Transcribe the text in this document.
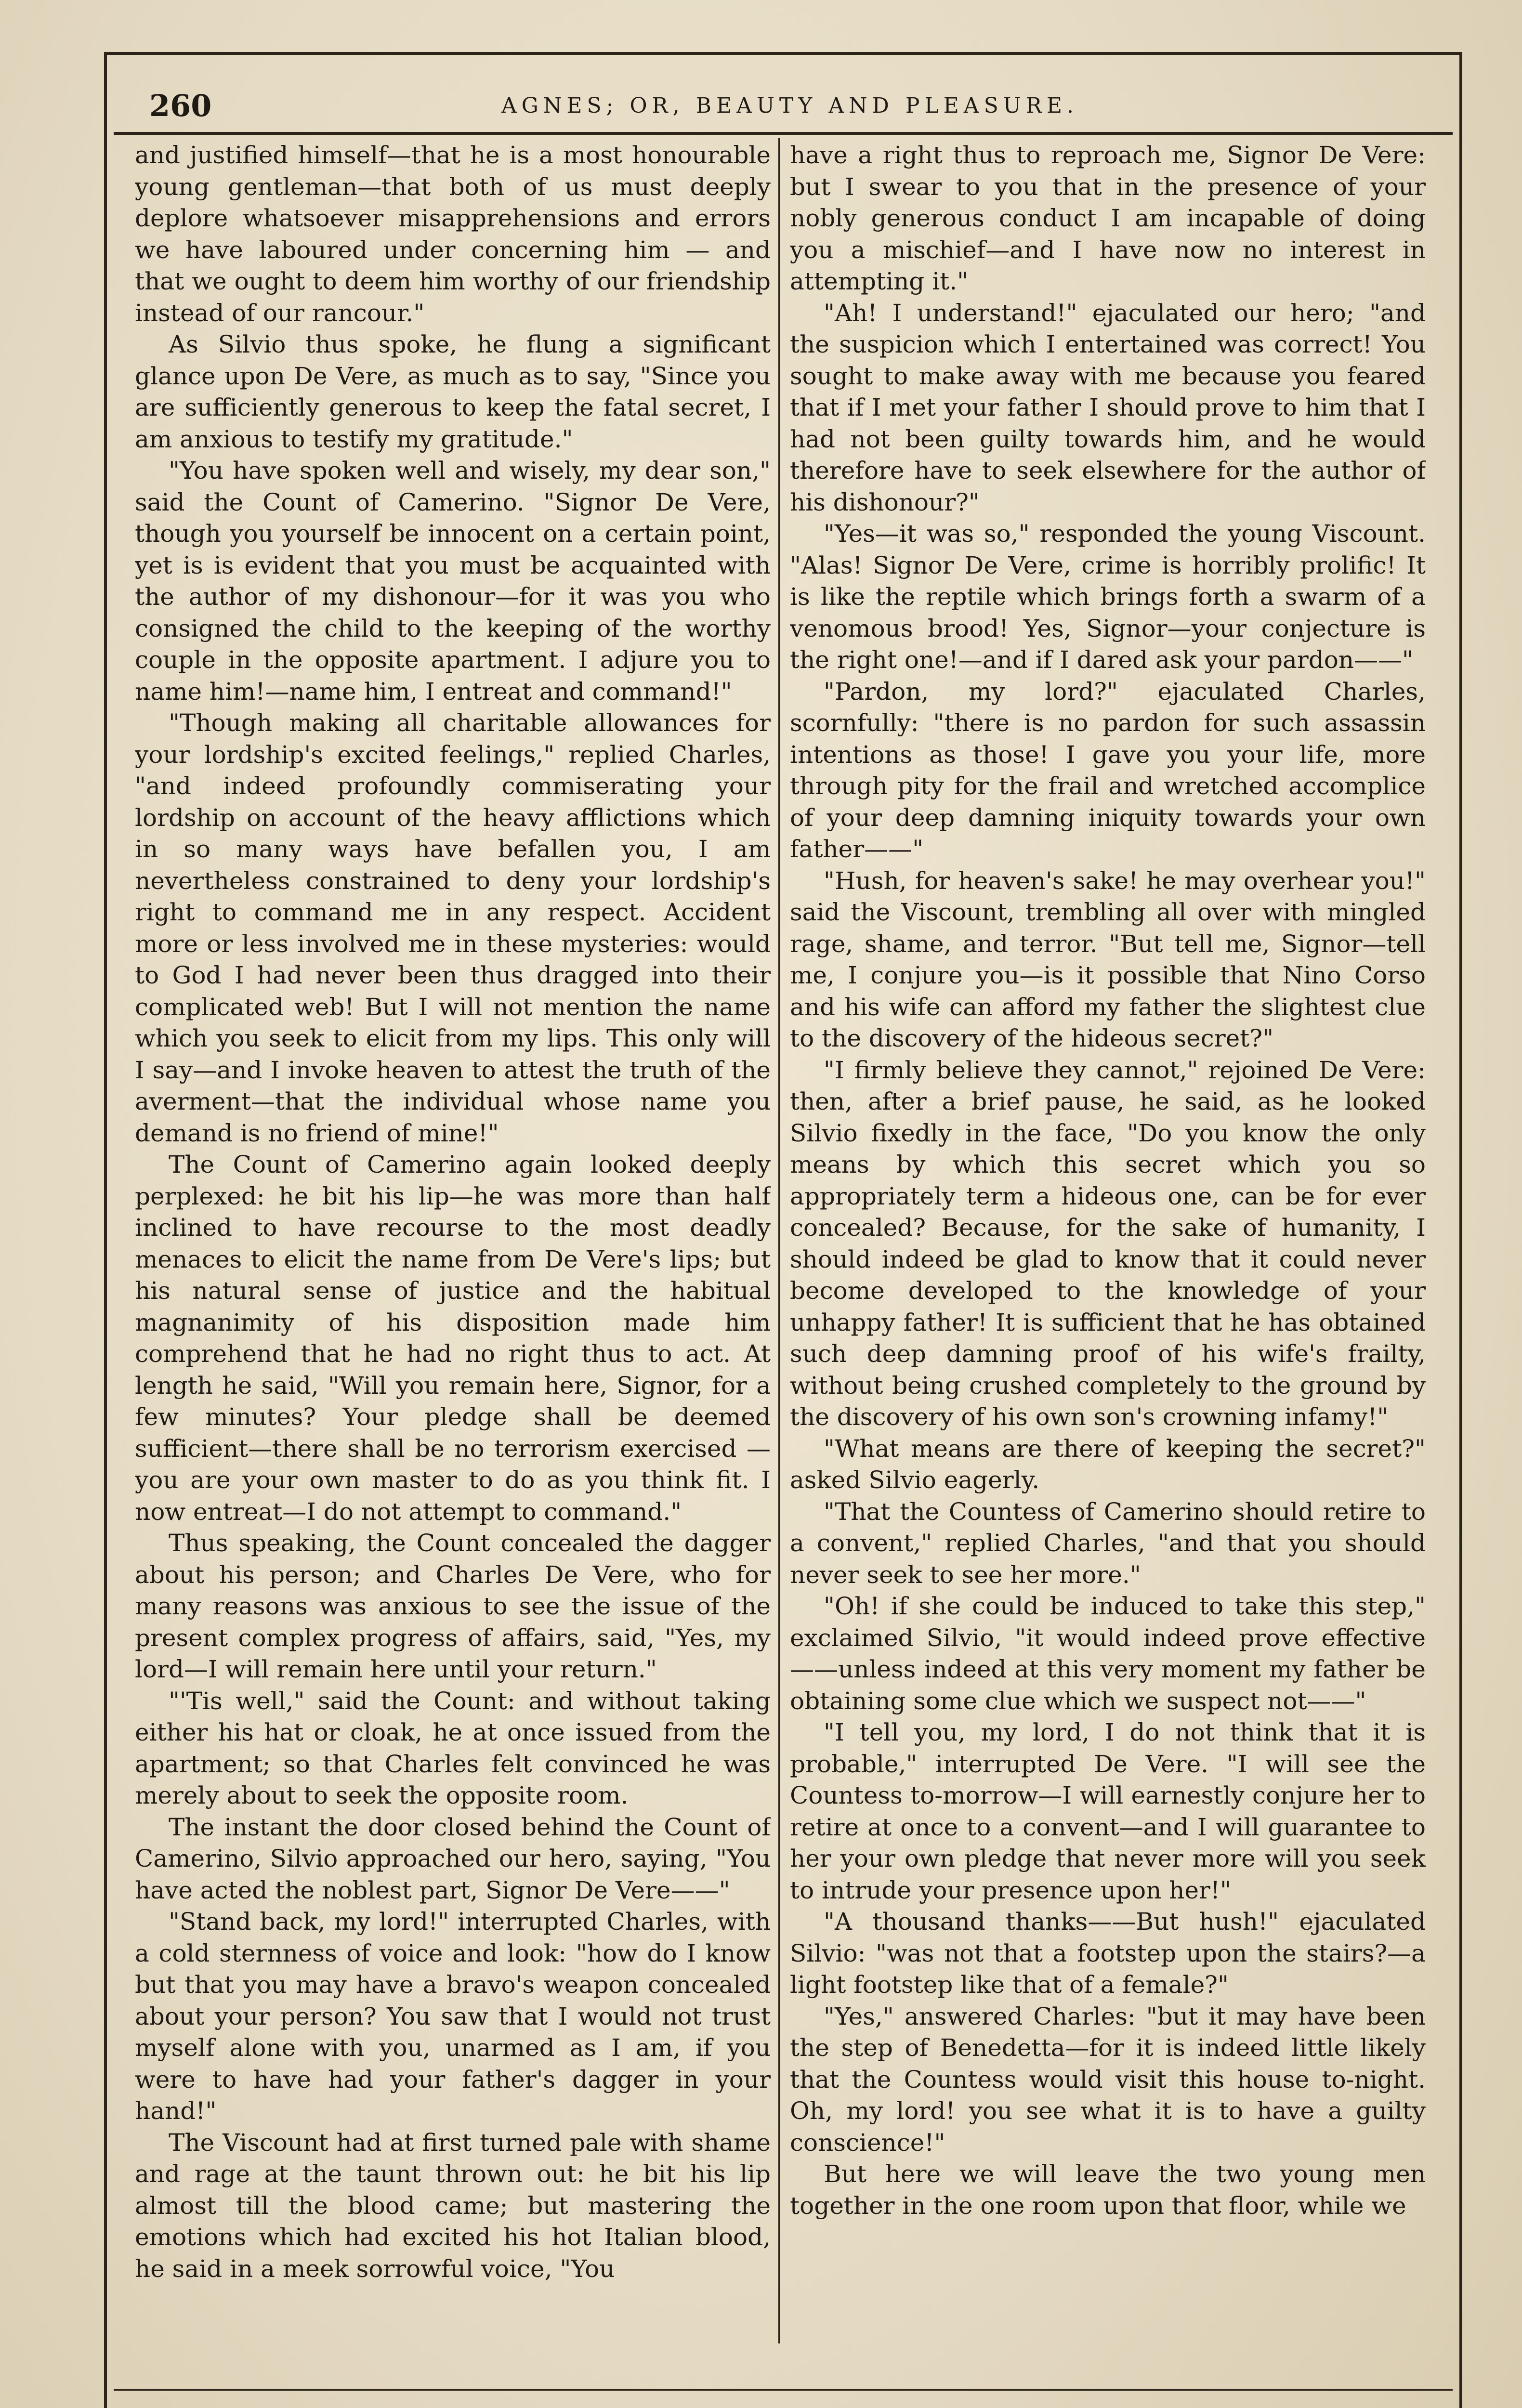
260	AGNES; OR, BEAUTY AND PLEASURE.

and justified himself—that he is a most honourable young gentleman—that both of us must deeply deplore whatsoever misapprehensions and errors we have laboured under concerning him — and that we ought to deem him worthy of our friendship instead of our rancour."

As Silvio thus spoke, he flung a significant glance upon De Vere, as much as to say, "Since you are sufficiently generous to keep the fatal secret, I am anxious to testify my gratitude."

"You have spoken well and wisely, my dear son," said the Count of Camerino. "Signor De Vere, though you yourself be innocent on a certain point, yet is is evident that you must be acquainted with the author of my dishonour—for it was you who consigned the child to the keeping of the worthy couple in the opposite apartment. I adjure you to name him!—name him, I entreat and command!"

"Though making all charitable allowances for your lordship's excited feelings," replied Charles, "and indeed profoundly commiserating your lordship on account of the heavy afflictions which in so many ways have befallen you, I am nevertheless constrained to deny your lordship's right to command me in any respect. Accident more or less involved me in these mysteries: would to God I had never been thus dragged into their complicated web! But I will not mention the name which you seek to elicit from my lips. This only will I say—and I invoke heaven to attest the truth of the averment—that the individual whose name you demand is no friend of mine!"

The Count of Camerino again looked deeply perplexed: he bit his lip—he was more than half inclined to have recourse to the most deadly menaces to elicit the name from De Vere's lips; but his natural sense of justice and the habitual magnanimity of his disposition made him comprehend that he had no right thus to act. At length he said, "Will you remain here, Signor, for a few minutes? Your pledge shall be deemed sufficient—there shall be no terrorism exercised — you are your own master to do as you think fit. I now entreat—I do not attempt to command."

Thus speaking, the Count concealed the dagger about his person; and Charles De Vere, who for many reasons was anxious to see the issue of the present complex progress of affairs, said, "Yes, my lord—I will remain here until your return."

"'Tis well," said the Count: and without taking either his hat or cloak, he at once issued from the apartment; so that Charles felt convinced he was merely about to seek the opposite room.

The instant the door closed behind the Count of Camerino, Silvio approached our hero, saying, "You have acted the noblest part, Signor De Vere——"

"Stand back, my lord!" interrupted Charles, with a cold sternness of voice and look: "how do I know but that you may have a bravo's weapon concealed about your person? You saw that I would not trust myself alone with you, unarmed as I am, if you were to have had your father's dagger in your hand!"

The Viscount had at first turned pale with shame and rage at the taunt thrown out: he bit his lip almost till the blood came; but mastering the emotions which had excited his hot Italian blood, he said in a meek sorrowful voice, "You

have a right thus to reproach me, Signor De Vere: but I swear to you that in the presence of your nobly generous conduct I am incapable of doing you a mischief—and I have now no interest in attempting it."

"Ah! I understand!" ejaculated our hero; "and the suspicion which I entertained was correct! You sought to make away with me because you feared that if I met your father I should prove to him that I had not been guilty towards him, and he would therefore have to seek elsewhere for the author of his dishonour?"

"Yes—it was so," responded the young Viscount. "Alas! Signor De Vere, crime is horribly prolific! It is like the reptile which brings forth a swarm of a venomous brood! Yes, Signor—your conjecture is the right one!—and if I dared ask your pardon——"

"Pardon, my lord?" ejaculated Charles, scornfully: "there is no pardon for such assassin intentions as those! I gave you your life, more through pity for the frail and wretched accomplice of your deep damning iniquity towards your own father——"

"Hush, for heaven's sake! he may overhear you!" said the Viscount, trembling all over with mingled rage, shame, and terror. "But tell me, Signor—tell me, I conjure you—is it possible that Nino Corso and his wife can afford my father the slightest clue to the discovery of the hideous secret?"

"I firmly believe they cannot," rejoined De Vere: then, after a brief pause, he said, as he looked Silvio fixedly in the face, "Do you know the only means by which this secret which you so appropriately term a hideous one, can be for ever concealed? Because, for the sake of humanity, I should indeed be glad to know that it could never become developed to the knowledge of your unhappy father! It is sufficient that he has obtained such deep damning proof of his wife's frailty, without being crushed completely to the ground by the discovery of his own son's crowning infamy!"

"What means are there of keeping the secret?" asked Silvio eagerly.

"That the Countess of Camerino should retire to a convent," replied Charles, "and that you should never seek to see her more."

"Oh! if she could be induced to take this step," exclaimed Silvio, "it would indeed prove effective ——unless indeed at this very moment my father be obtaining some clue which we suspect not——"

"I tell you, my lord, I do not think that it is probable," interrupted De Vere. "I will see the Countess to-morrow—I will earnestly conjure her to retire at once to a convent—and I will guarantee to her your own pledge that never more will you seek to intrude your presence upon her!"

"A thousand thanks——But hush!" ejaculated Silvio: "was not that a footstep upon the stairs?—a light footstep like that of a female?"

"Yes," answered Charles: "but it may have been the step of Benedetta—for it is indeed little likely that the Countess would visit this house to-night. Oh, my lord! you see what it is to have a guilty conscience!"

But here we will leave the two young men together in the one room upon that floor, while we
